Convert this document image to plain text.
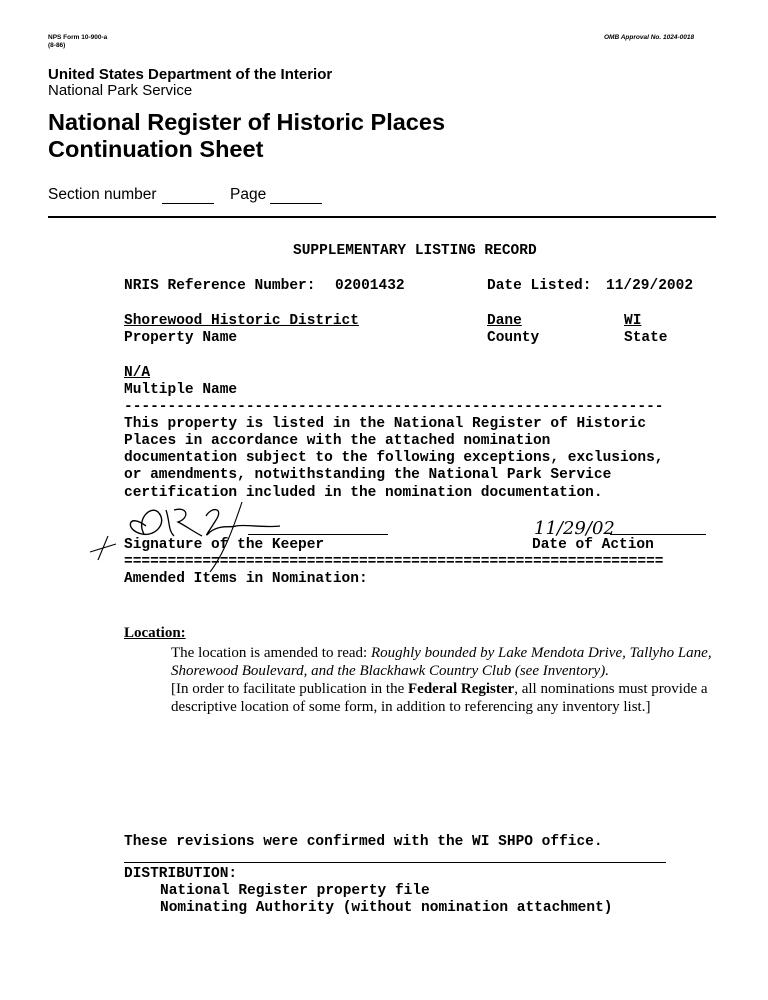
NPS Form 10-900-a
(8-86)
OMB Approval No. 1024-0018
United States Department of the Interior
National Park Service
National Register of Historic Places
Continuation Sheet
Section number	Page
SUPPLEMENTARY LISTING RECORD
NRIS Reference Number: 02001432	Date Listed: 11/29/2002
Shorewood Historic District	Dane	WI
Property Name	County	State
N/A
Multiple Name
--------------------------------------------------------------
This property is listed in the National Register of Historic
Places in accordance with the attached nomination
documentation subject to the following exceptions, exclusions,
or amendments, notwithstanding the National Park Service
certification included in the nomination documentation.
11/29/02
Signature of the Keeper	Date of Action
==============================================================
Amended Items in Nomination:
Location:
The location is amended to read: Roughly bounded by Lake Mendota Drive, Tallyho Lane,
Shorewood Boulevard, and the Blackhawk Country Club (see Inventory).
[In order to facilitate publication in the Federal Register, all nominations must provide a
descriptive location of some form, in addition to referencing any inventory list.]
These revisions were confirmed with the WI SHPO office.
DISTRIBUTION:
National Register property file
Nominating Authority (without nomination attachment)
